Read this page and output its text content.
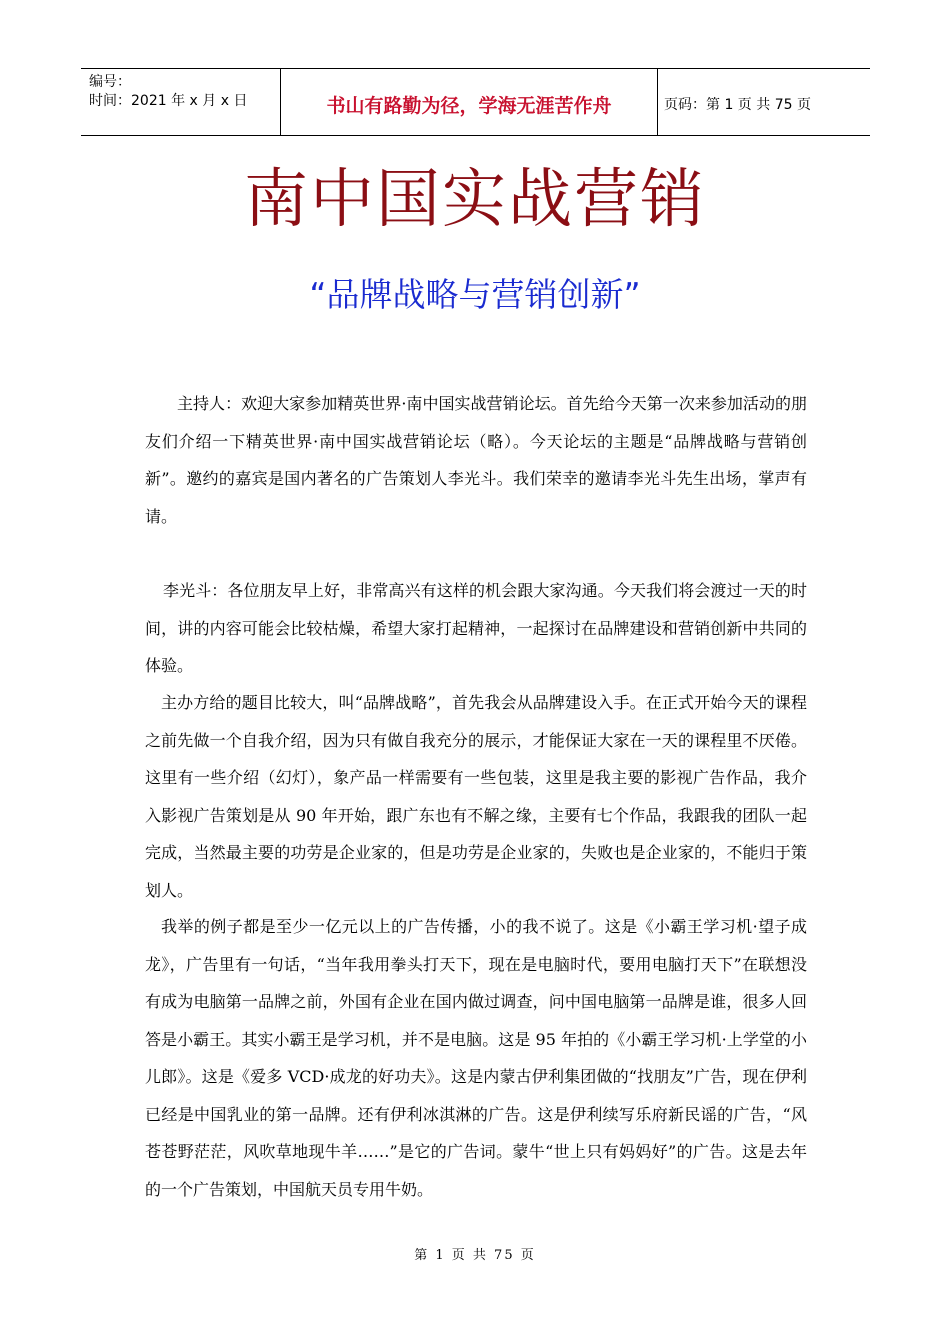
编号：
时间：2021 年 x 月 x 日	书山有路勤为径，学海无涯苦作舟	页码：第 1 页 共 75 页
南中国实战营销
“品牌战略与营销创新”

主持人：欢迎大家参加精英世界·南中国实战营销论坛。首先给今天第一次来参加活动的朋友们介绍一下精英世界·南中国实战营销论坛（略）。今天论坛的主题是“品牌战略与营销创新”。邀约的嘉宾是国内著名的广告策划人李光斗。我们荣幸的邀请李光斗先生出场，掌声有请。

李光斗：各位朋友早上好，非常高兴有这样的机会跟大家沟通。今天我们将会渡过一天的时间，讲的内容可能会比较枯燥，希望大家打起精神，一起探讨在品牌建设和营销创新中共同的体验。

主办方给的题目比较大，叫“品牌战略”，首先我会从品牌建设入手。在正式开始今天的课程之前先做一个自我介绍，因为只有做自我充分的展示，才能保证大家在一天的课程里不厌倦。这里有一些介绍（幻灯），象产品一样需要有一些包装，这里是我主要的影视广告作品，我介入影视广告策划是从 90 年开始，跟广东也有不解之缘，主要有七个作品，我跟我的团队一起完成，当然最主要的功劳是企业家的，但是功劳是企业家的，失败也是企业家的，不能归于策划人。

我举的例子都是至少一亿元以上的广告传播，小的我不说了。这是《小霸王学习机·望子成龙》，广告里有一句话，“当年我用拳头打天下，现在是电脑时代，要用电脑打天下”在联想没有成为电脑第一品牌之前，外国有企业在国内做过调查，问中国电脑第一品牌是谁，很多人回答是小霸王。其实小霸王是学习机，并不是电脑。这是 95 年拍的《小霸王学习机·上学堂的小儿郎》。这是《爱多 VCD·成龙的好功夫》。这是内蒙古伊利集团做的“找朋友”广告，现在伊利已经是中国乳业的第一品牌。还有伊利冰淇淋的广告。这是伊利续写乐府新民谣的广告，“风苍苍野茫茫，风吹草地现牛羊……”是它的广告词。蒙牛“世上只有妈妈好”的广告。这是去年的一个广告策划，中国航天员专用牛奶。

第 1 页 共 75 页
